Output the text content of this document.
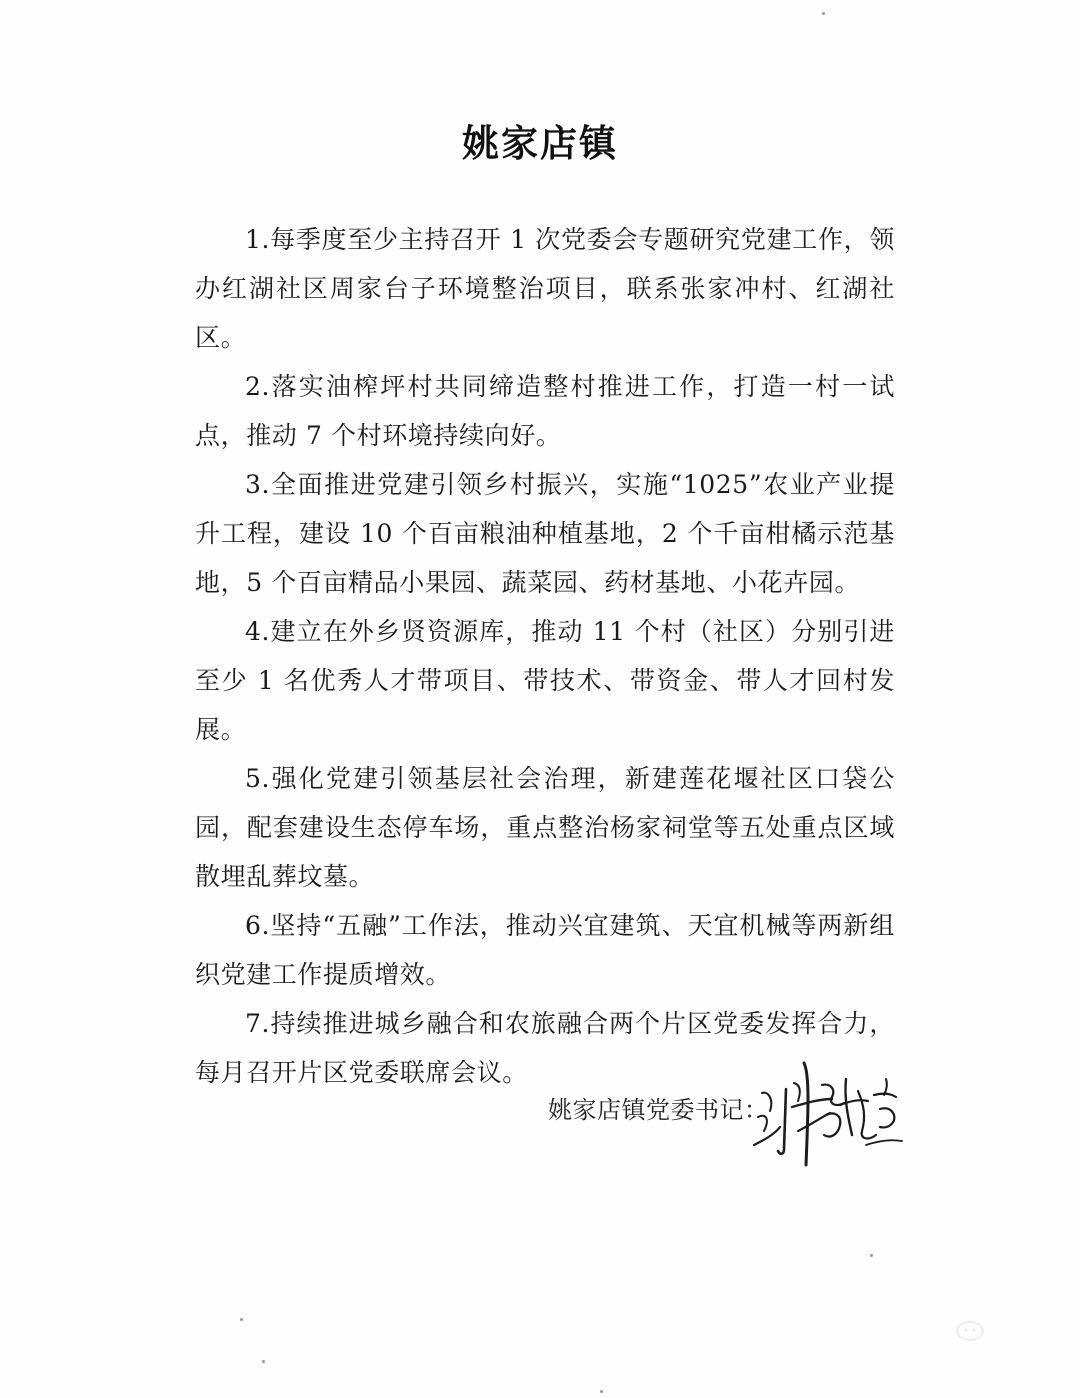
姚家店镇

1.每季度至少主持召开 1 次党委会专题研究党建工作，领办红湖社区周家台子环境整治项目，联系张家冲村、红湖社区。

2.落实油榨坪村共同缔造整村推进工作，打造一村一试点，推动 7 个村环境持续向好。

3.全面推进党建引领乡村振兴，实施“1025”农业产业提升工程，建设 10 个百亩粮油种植基地，2 个千亩柑橘示范基地，5 个百亩精品小果园、蔬菜园、药材基地、小花卉园。

4.建立在外乡贤资源库，推动 11 个村（社区）分别引进至少 1 名优秀人才带项目、带技术、带资金、带人才回村发展。

5.强化党建引领基层社会治理，新建莲花堰社区口袋公园，配套建设生态停车场，重点整治杨家祠堂等五处重点区域散埋乱葬坟墓。

6.坚持“五融”工作法，推动兴宜建筑、天宜机械等两新组织党建工作提质增效。

7.持续推进城乡融合和农旅融合两个片区党委发挥合力，每月召开片区党委联席会议。

姚家店镇党委书记：
